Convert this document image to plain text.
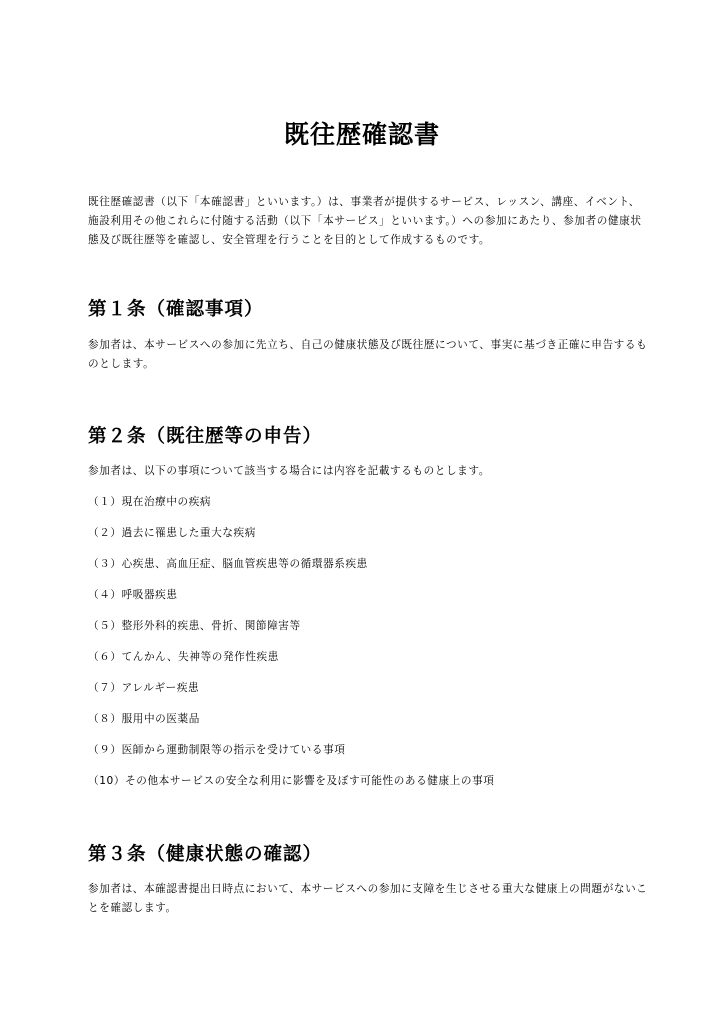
既往歴確認書

既往歴確認書（以下「本確認書」といいます。）は、事業者が提供するサービス、レッスン、講座、イベント、施設利用その他これらに付随する活動（以下「本サービス」といいます。）への参加にあたり、参加者の健康状態及び既往歴等を確認し、安全管理を行うことを目的として作成するものです。

第１条（確認事項）

参加者は、本サービスへの参加に先立ち、自己の健康状態及び既往歴について、事実に基づき正確に申告するものとします。

第２条（既往歴等の申告）

参加者は、以下の事項について該当する場合には内容を記載するものとします。

（１）現在治療中の疾病

（２）過去に罹患した重大な疾病

（３）心疾患、高血圧症、脳血管疾患等の循環器系疾患

（４）呼吸器疾患

（５）整形外科的疾患、骨折、関節障害等

（６）てんかん、失神等の発作性疾患

（７）アレルギー疾患

（８）服用中の医薬品

（９）医師から運動制限等の指示を受けている事項

（10）その他本サービスの安全な利用に影響を及ぼす可能性のある健康上の事項

第３条（健康状態の確認）

参加者は、本確認書提出日時点において、本サービスへの参加に支障を生じさせる重大な健康上の問題がないことを確認します。
